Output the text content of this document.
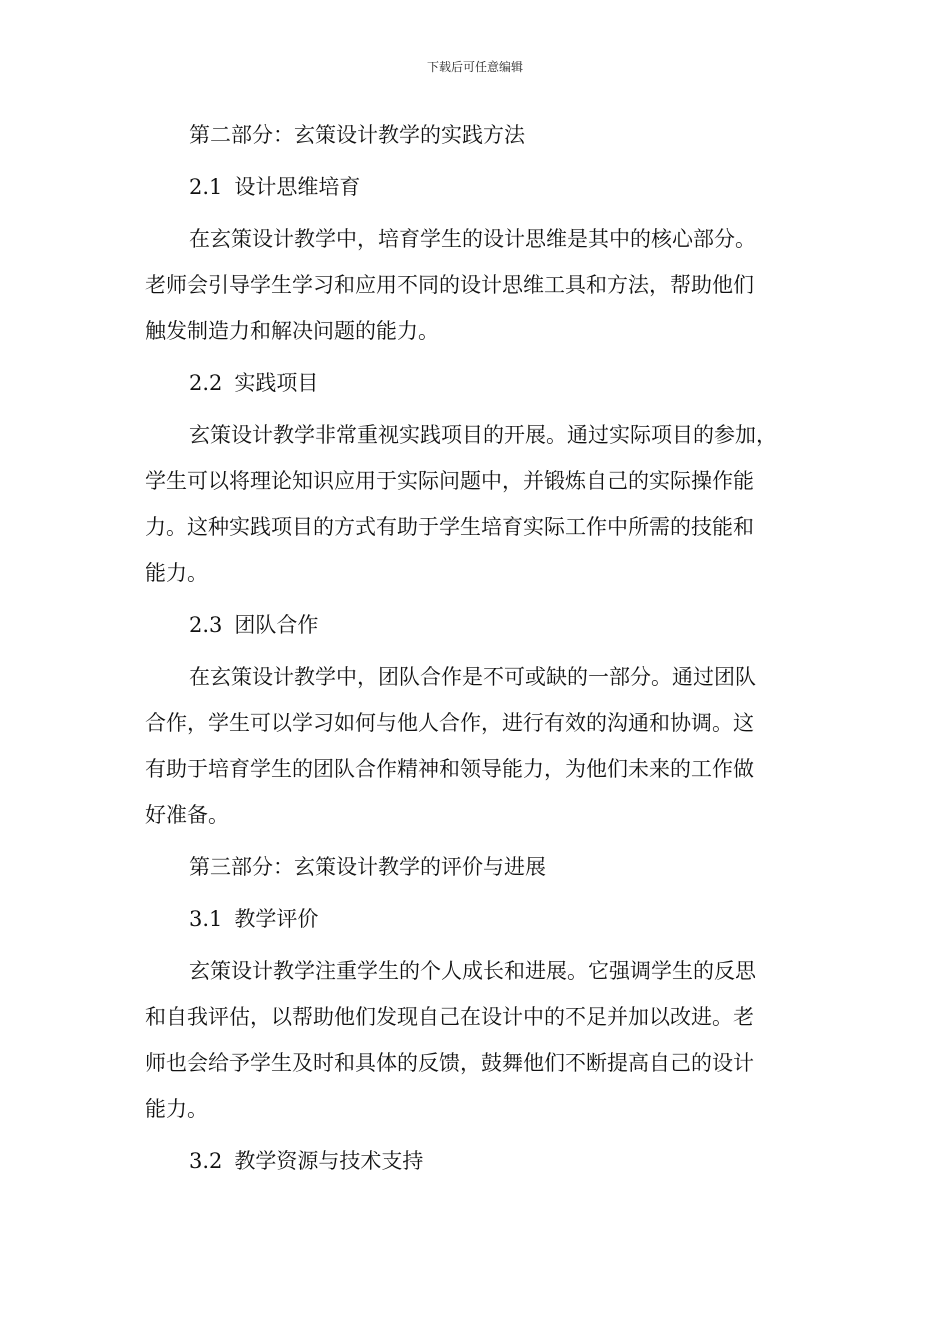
下载后可任意编辑
第二部分：玄策设计教学的实践方法
2.1 设计思维培育
在玄策设计教学中，培育学生的设计思维是其中的核心部分。
老师会引导学生学习和应用不同的设计思维工具和方法，帮助他们
触发制造力和解决问题的能力。
2.2 实践项目
玄策设计教学非常重视实践项目的开展。通过实际项目的参加，
学生可以将理论知识应用于实际问题中，并锻炼自己的实际操作能
力。这种实践项目的方式有助于学生培育实际工作中所需的技能和
能力。
2.3 团队合作
在玄策设计教学中，团队合作是不可或缺的一部分。通过团队
合作，学生可以学习如何与他人合作，进行有效的沟通和协调。这
有助于培育学生的团队合作精神和领导能力，为他们未来的工作做
好准备。
第三部分：玄策设计教学的评价与进展
3.1 教学评价
玄策设计教学注重学生的个人成长和进展。它强调学生的反思
和自我评估，以帮助他们发现自己在设计中的不足并加以改进。老
师也会给予学生及时和具体的反馈，鼓舞他们不断提高自己的设计
能力。
3.2 教学资源与技术支持
